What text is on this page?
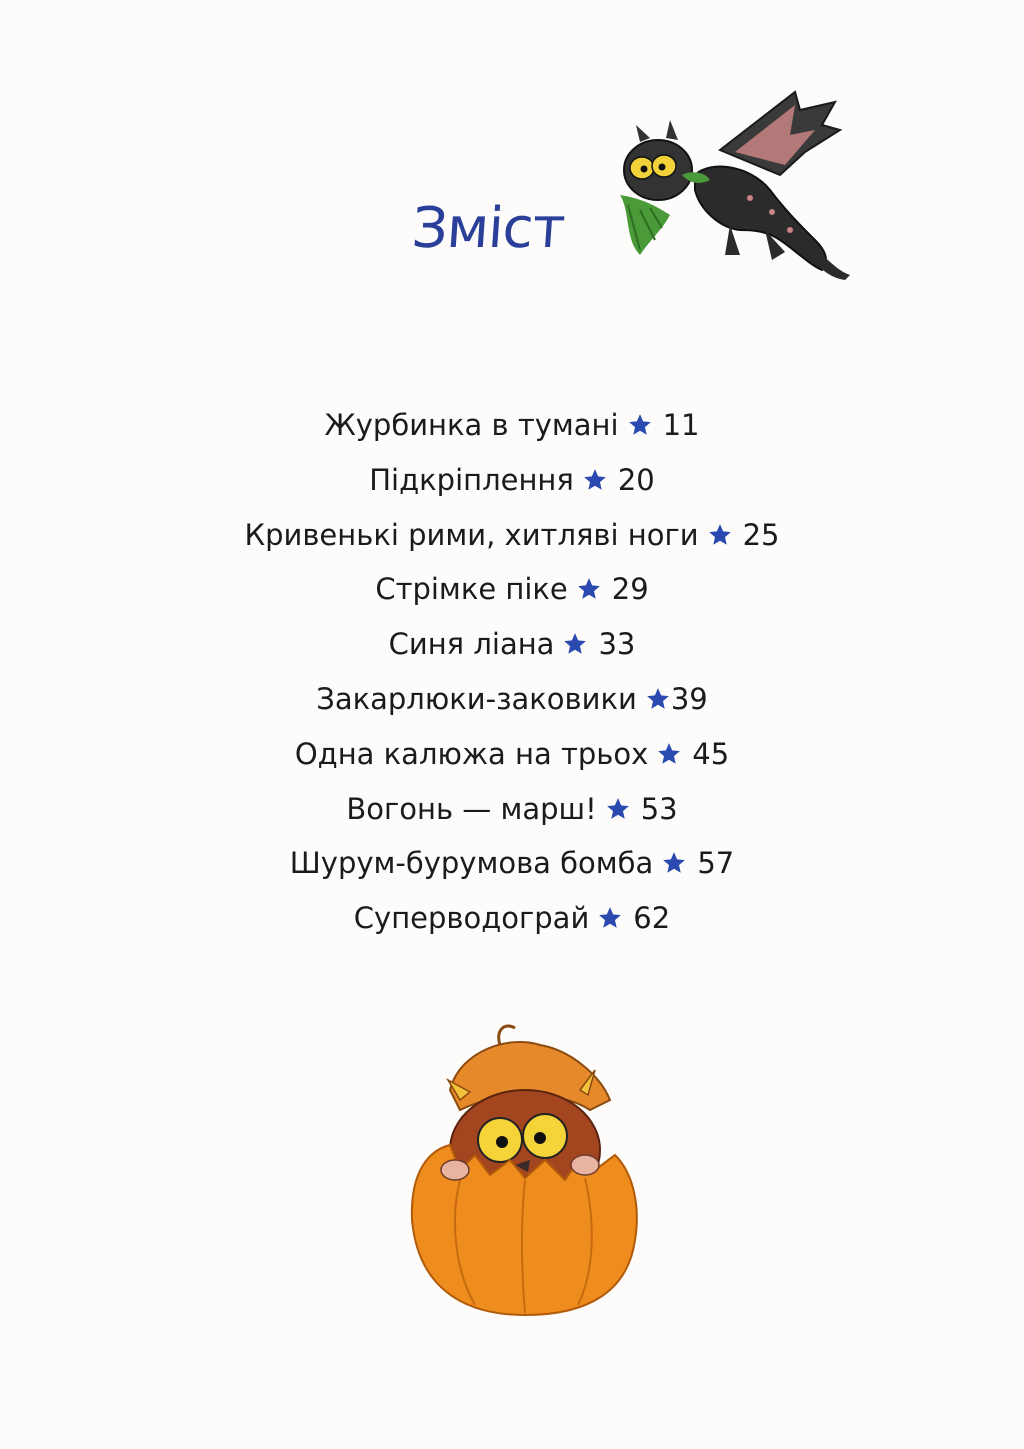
Зміст
Журбинка в тумані 11
Підкріплення 20
Кривенькі рими, хитляві ноги 25
Стрімке піке 29
Синя ліана 33
Закарлюки-заковики 39
Одна калюжа на трьох 45
Вогонь — марш! 53
Шурум-бурумова бомба 57
Суперводограй 62
